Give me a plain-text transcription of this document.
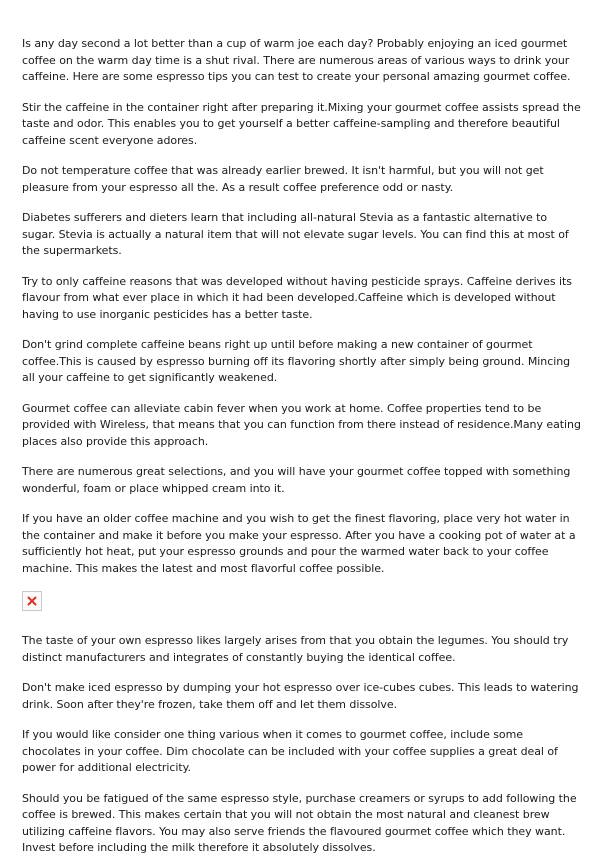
Is any day second a lot better than a cup of warm joe each day? Probably enjoying an iced gourmet coffee on the warm day time is a shut rival. There are numerous areas of various ways to drink your caffeine. Here are some espresso tips you can test to create your personal amazing gourmet coffee.

Stir the caffeine in the container right after preparing it.Mixing your gourmet coffee assists spread the taste and odor. This enables you to get yourself a better caffeine-sampling and therefore beautiful caffeine scent everyone adores.

Do not temperature coffee that was already earlier brewed. It isn't harmful, but you will not get pleasure from your espresso all the. As a result coffee preference odd or nasty.

Diabetes sufferers and dieters learn that including all-natural Stevia as a fantastic alternative to sugar. Stevia is actually a natural item that will not elevate sugar levels. You can find this at most of the supermarkets.

Try to only caffeine reasons that was developed without having pesticide sprays. Caffeine derives its flavour from what ever place in which it had been developed.Caffeine which is developed without having to use inorganic pesticides has a better taste.

Don't grind complete caffeine beans right up until before making a new container of gourmet coffee.This is caused by espresso burning off its flavoring shortly after simply being ground. Mincing all your caffeine to get significantly weakened.

Gourmet coffee can alleviate cabin fever when you work at home. Coffee properties tend to be provided with Wireless, that means that you can function from there instead of residence.Many eating places also provide this approach.

There are numerous great selections, and you will have your gourmet coffee topped with something wonderful, foam or place whipped cream into it.

If you have an older coffee machine and you wish to get the finest flavoring, place very hot water in the container and make it before you make your espresso. After you have a cooking pot of water at a sufficiently hot heat, put your espresso grounds and pour the warmed water back to your coffee machine. This makes the latest and most flavorful coffee possible.

The taste of your own espresso likes largely arises from that you obtain the legumes. You should try distinct manufacturers and integrates of constantly buying the identical coffee.

Don't make iced espresso by dumping your hot espresso over ice-cubes cubes. This leads to watering drink. Soon after they're frozen, take them off and let them dissolve.

If you would like consider one thing various when it comes to gourmet coffee, include some chocolates in your coffee. Dim chocolate can be included with your coffee supplies a great deal of power for additional electricity.

Should you be fatigued of the same espresso style, purchase creamers or syrups to add following the coffee is brewed. This makes certain that you will not obtain the most natural and cleanest brew utilizing caffeine flavors. You may also serve friends the flavoured gourmet coffee which they want. Invest before including the milk therefore it absolutely dissolves.
